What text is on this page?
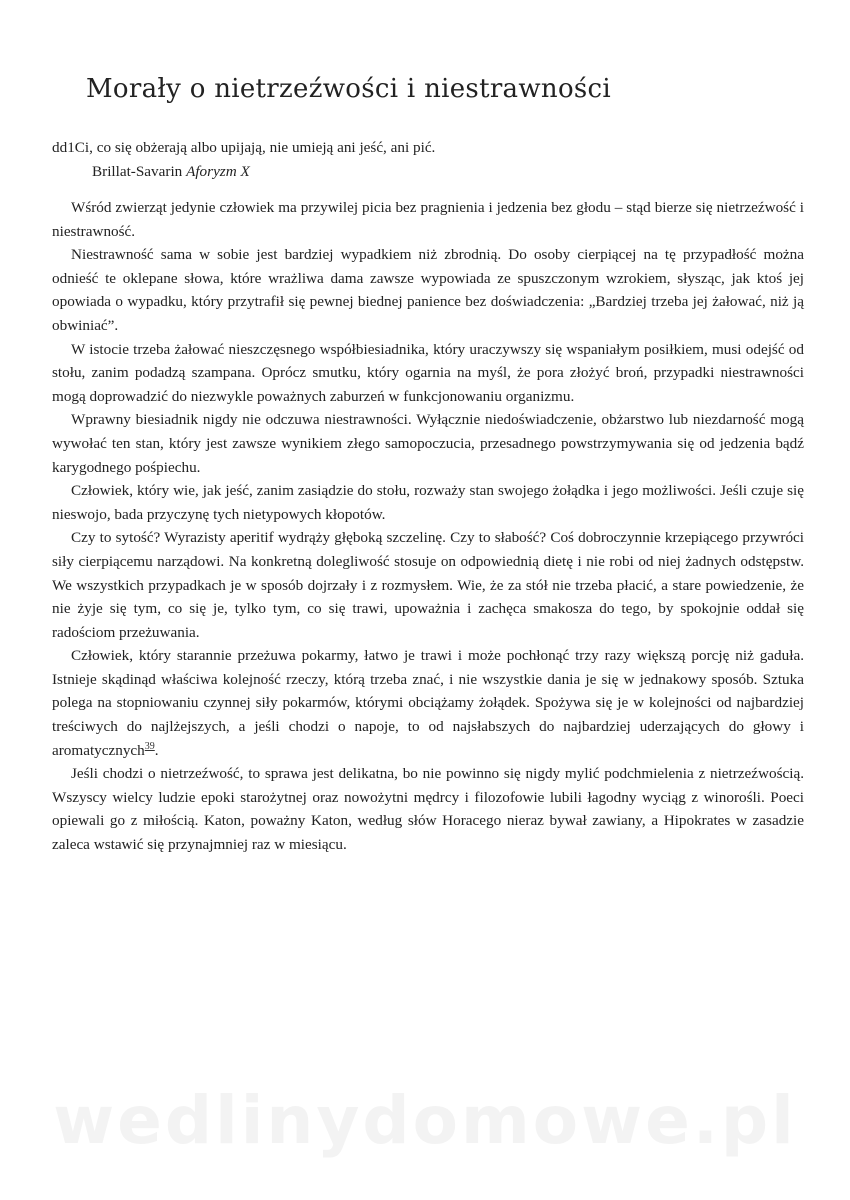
Morały o nietrzeźwości i niestrawności

dd1Ci, co się obżerają albo upijają, nie umieją ani jeść, ani pić.

Brillat-Savarin Aforyzm X

Wśród zwierząt jedynie człowiek ma przywilej picia bez pragnienia i jedzenia bez głodu – stąd bierze się nietrzeźwość i niestrawność.

Niestrawność sama w sobie jest bardziej wypadkiem niż zbrodnią. Do osoby cierpiącej na tę przypadłość można odnieść te oklepane słowa, które wrażliwa dama zawsze wypowiada ze spuszczonym wzrokiem, słysząc, jak ktoś jej opowiada o wypadku, który przytrafił się pewnej biednej panience bez doświadczenia: „Bardziej trzeba jej żałować, niż ją obwiniać”.

W istocie trzeba żałować nieszczęsnego współbiesiadnika, który uraczywszy się wspaniałym posiłkiem, musi odejść od stołu, zanim podadzą szampana. Oprócz smutku, który ogarnia na myśl, że pora złożyć broń, przypadki niestrawności mogą doprowadzić do niezwykle poważnych zaburzeń w funkcjonowaniu organizmu.

Wprawny biesiadnik nigdy nie odczuwa niestrawności. Wyłącznie niedoświadczenie, obżarstwo lub niezdarność mogą wywołać ten stan, który jest zawsze wynikiem złego samopoczucia, przesadnego powstrzymywania się od jedzenia bądź karygodnego pośpiechu.

Człowiek, który wie, jak jeść, zanim zasiądzie do stołu, rozważy stan swojego żołądka i jego możliwości. Jeśli czuje się nieswojo, bada przyczynę tych nietypowych kłopotów.

Czy to sytość? Wyrazisty aperitif wydrąży głęboką szczelinę. Czy to słabość? Coś dobroczynnie krzepiącego przywróci siły cierpiącemu narządowi. Na konkretną dolegliwość stosuje on odpowiednią dietę i nie robi od niej żadnych odstępstw. We wszystkich przypadkach je w sposób dojrzały i z rozmysłem. Wie, że za stół nie trzeba płacić, a stare powiedzenie, że nie żyje się tym, co się je, tylko tym, co się trawi, upoważnia i zachęca smakosza do tego, by spokojnie oddał się radościom przeżuwania.

Człowiek, który starannie przeżuwa pokarmy, łatwo je trawi i może pochłonąć trzy razy większą porcję niż gaduła. Istnieje skądinąd właściwa kolejność rzeczy, którą trzeba znać, i nie wszystkie dania je się w jednakowy sposób. Sztuka polega na stopniowaniu czynnej siły pokarmów, którymi obciążamy żołądek. Spożywa się je w kolejności od najbardziej treściwych do najlżejszych, a jeśli chodzi o napoje, to od najsłabszych do najbardziej uderzających do głowy i aromatycznych$^{39}$.

Jeśli chodzi o nietrzeźwość, to sprawa jest delikatna, bo nie powinno się nigdy mylić podchmielenia z nietrzeźwością. Wszyscy wielcy ludzie epoki starożytnej oraz nowożytni mędrcy i filozofowie lubili łagodny wyciąg z winorośli. Poeci opiewali go z miłością. Katon, poważny Katon, według słów Horacego nieraz bywał zawiany, a Hipokrates w zasadzie zaleca wstawić się przynajmniej raz w miesiącu.

wedlinydomowe.pl
